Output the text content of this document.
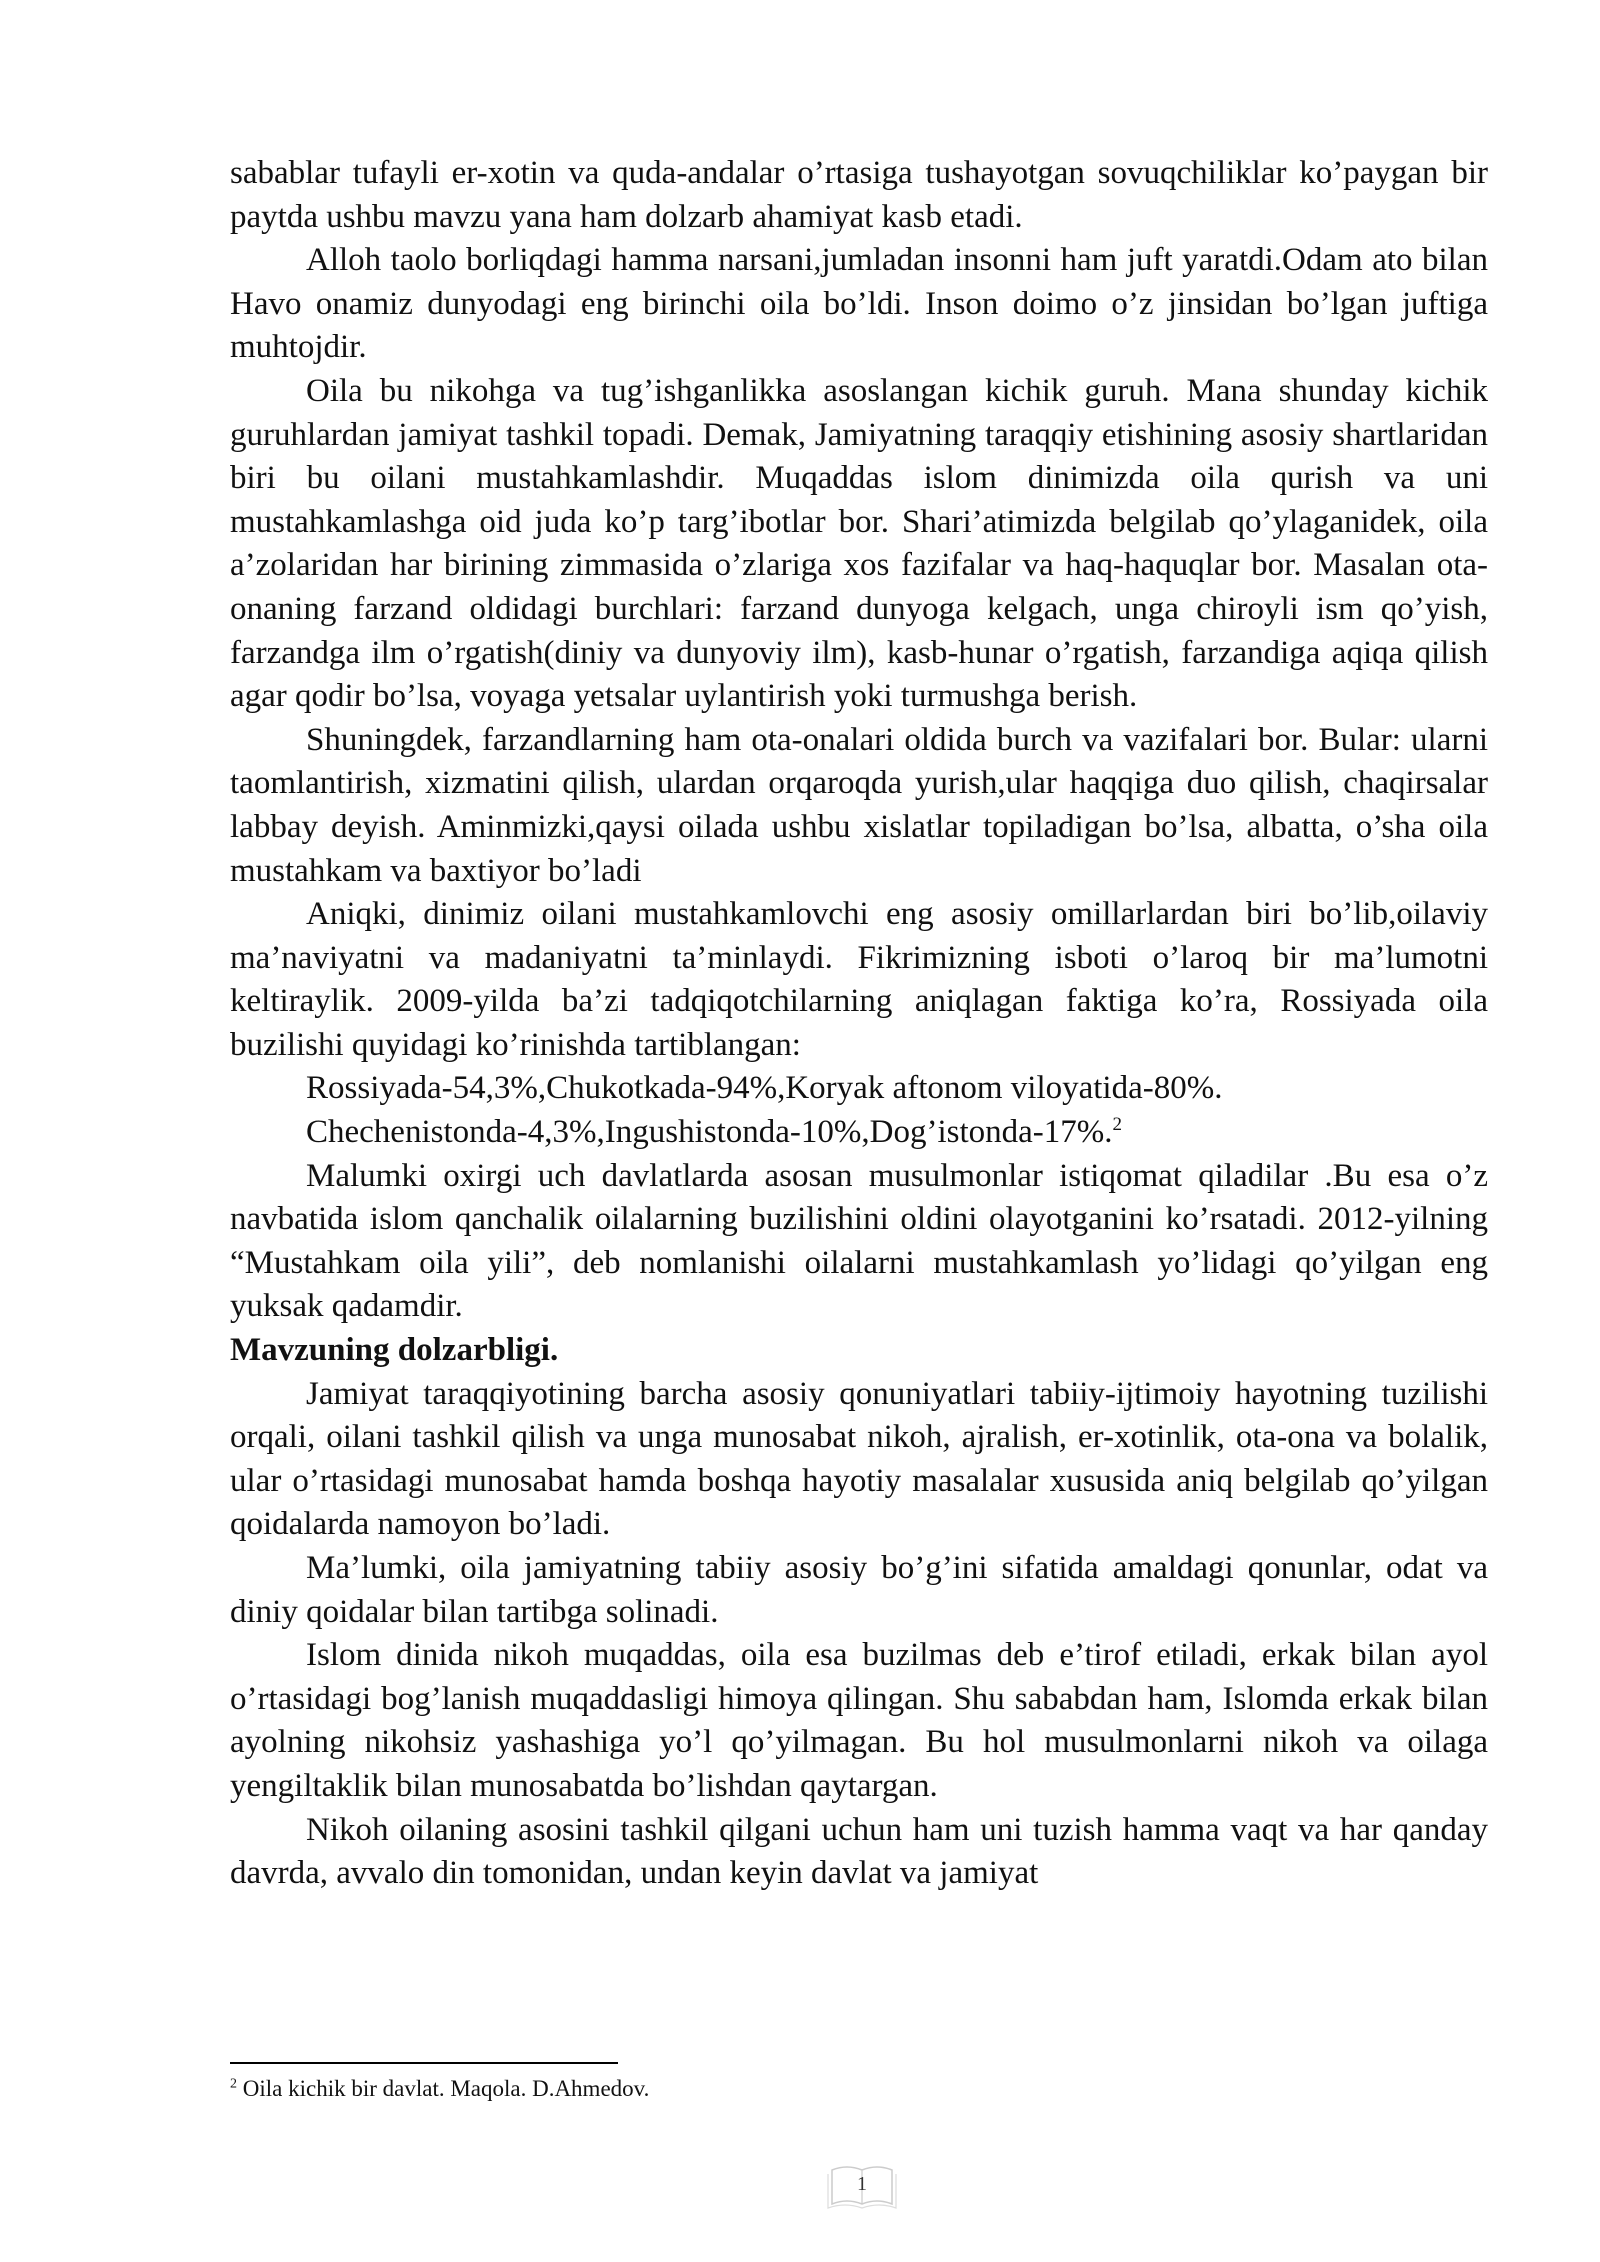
sabablar tufayli er-xotin va quda-andalar o’rtasiga tushayotgan sovuqchiliklar ko’paygan bir paytda ushbu mavzu yana ham dolzarb ahamiyat kasb etadi.

Alloh taolo borliqdagi hamma narsani,jumladan insonni ham juft yaratdi.Odam ato bilan Havo onamiz dunyodagi eng birinchi oila bo’ldi. Inson doimo o’z jinsidan bo’lgan juftiga muhtojdir.

Oila bu nikohga va tug’ishganlikka asoslangan kichik guruh. Mana shunday kichik guruhlardan jamiyat tashkil topadi. Demak, Jamiyatning taraqqiy etishining asosiy shartlaridan biri bu oilani mustahkamlashdir. Muqaddas islom dinimizda oila qurish va uni mustahkamlashga oid juda ko’p targ’ibotlar bor. Shari’atimizda belgilab qo’ylaganidek, oila a’zolaridan har birining zimmasida o’zlariga xos fazifalar va haq-haquqlar bor. Masalan ota-onaning farzand oldidagi burchlari: farzand dunyoga kelgach, unga chiroyli ism qo’yish, farzandga ilm o’rgatish(diniy va dunyoviy ilm), kasb-hunar o’rgatish, farzandiga aqiqa qilish agar qodir bo’lsa, voyaga yetsalar uylantirish yoki turmushga berish.

Shuningdek, farzandlarning ham ota-onalari oldida burch va vazifalari bor. Bular: ularni taomlantirish, xizmatini qilish, ulardan orqaroqda yurish,ular haqqiga duo qilish, chaqirsalar labbay deyish. Aminmizki,qaysi oilada ushbu xislatlar topiladigan bo’lsa, albatta, o’sha oila mustahkam va baxtiyor bo’ladi

Aniqki, dinimiz oilani mustahkamlovchi eng asosiy omillarlardan biri bo’lib,oilaviy ma’naviyatni va madaniyatni ta’minlaydi. Fikrimizning isboti o’laroq bir ma’lumotni keltiraylik. 2009-yilda ba’zi tadqiqotchilarning aniqlagan faktiga ko’ra, Rossiyada oila buzilishi quyidagi ko’rinishda tartiblangan:

Rossiyada-54,3%,Chukotkada-94%,Koryak aftonom viloyatida-80%.

Chechenistonda-4,3%,Ingushistonda-10%,Dog’istonda-17%.$^2$

Malumki oxirgi uch davlatlarda asosan musulmonlar istiqomat qiladilar .Bu esa o’z navbatida islom qanchalik oilalarning buzilishini oldini olayotganini ko’rsatadi. 2012-yilning “Mustahkam oila yili”, deb nomlanishi oilalarni mustahkamlash yo’lidagi qo’yilgan eng yuksak qadamdir.

Mavzuning dolzarbligi.

Jamiyat taraqqiyotining barcha asosiy qonuniyatlari tabiiy-ijtimoiy hayotning tuzilishi orqali, oilani tashkil qilish va unga munosabat nikoh, ajralish, er-xotinlik, ota-ona va bolalik, ular o’rtasidagi munosabat hamda boshqa hayotiy masalalar xususida aniq belgilab qo’yilgan qoidalarda namoyon bo’ladi.

Ma’lumki, oila jamiyatning tabiiy asosiy bo’g’ini sifatida amaldagi qonunlar, odat va diniy qoidalar bilan tartibga solinadi.

Islom dinida nikoh muqaddas, oila esa buzilmas deb e’tirof etiladi, erkak bilan ayol o’rtasidagi bog’lanish muqaddasligi himoya qilingan. Shu sababdan ham, Islomda erkak bilan ayolning nikohsiz yashashiga yo’l qo’yilmagan. Bu hol musulmonlarni nikoh va oilaga yengiltaklik bilan munosabatda bo’lishdan qaytargan.

Nikoh oilaning asosini tashkil qilgani uchun ham uni tuzish hamma vaqt va har qanday davrda, avvalo din tomonidan, undan keyin davlat va jamiyat

$^2$ Oila kichik bir davlat. Maqola. D.Ahmedov.
1
